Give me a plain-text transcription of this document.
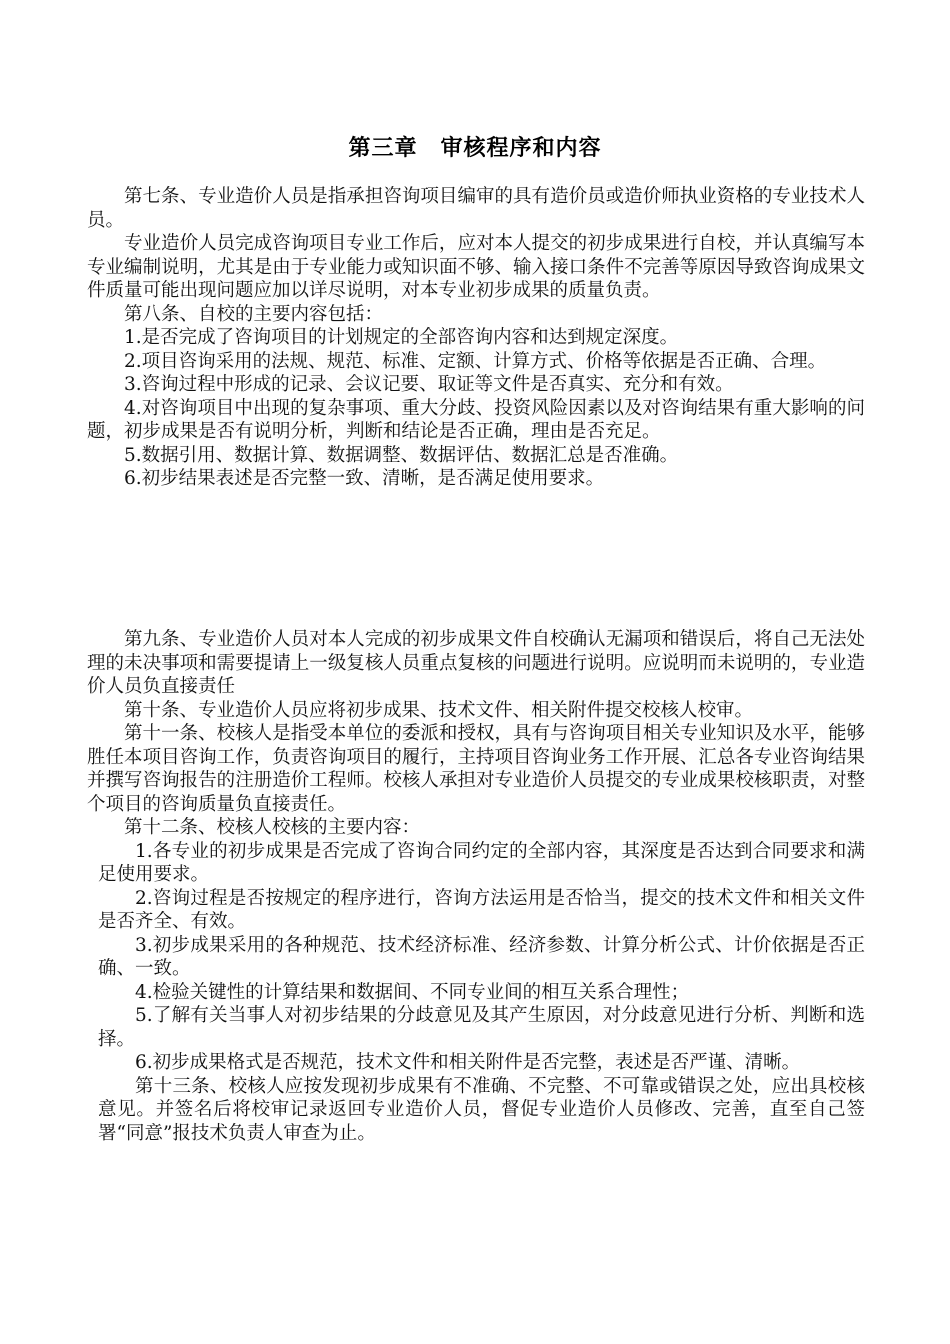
第三章　审核程序和内容

第七条、专业造价人员是指承担咨询项目编审的具有造价员或造价师执业资格的专业技术人员。

专业造价人员完成咨询项目专业工作后，应对本人提交的初步成果进行自校，并认真编写本专业编制说明，尤其是由于专业能力或知识面不够、输入接口条件不完善等原因导致咨询成果文件质量可能出现问题应加以详尽说明，对本专业初步成果的质量负责。

第八条、自校的主要内容包括：

1.是否完成了咨询项目的计划规定的全部咨询内容和达到规定深度。

2.项目咨询采用的法规、规范、标准、定额、计算方式、价格等依据是否正确、合理。

3.咨询过程中形成的记录、会议记要、取证等文件是否真实、充分和有效。

4.对咨询项目中出现的复杂事项、重大分歧、投资风险因素以及对咨询结果有重大影响的问题，初步成果是否有说明分析，判断和结论是否正确，理由是否充足。

5.数据引用、数据计算、数据调整、数据评估、数据汇总是否准确。

6.初步结果表述是否完整一致、清晰，是否满足使用要求。

第九条、专业造价人员对本人完成的初步成果文件自校确认无漏项和错误后，将自己无法处理的未决事项和需要提请上一级复核人员重点复核的问题进行说明。应说明而未说明的，专业造价人员负直接责任

第十条、专业造价人员应将初步成果、技术文件、相关附件提交校核人校审。

第十一条、校核人是指受本单位的委派和授权，具有与咨询项目相关专业知识及水平，能够胜任本项目咨询工作，负责咨询项目的履行，主持项目咨询业务工作开展、汇总各专业咨询结果并撰写咨询报告的注册造价工程师。校核人承担对专业造价人员提交的专业成果校核职责，对整个项目的咨询质量负直接责任。

第十二条、校核人校核的主要内容：

1.各专业的初步成果是否完成了咨询合同约定的全部内容，其深度是否达到合同要求和满足使用要求。

2.咨询过程是否按规定的程序进行，咨询方法运用是否恰当，提交的技术文件和相关文件是否齐全、有效。

3.初步成果采用的各种规范、技术经济标准、经济参数、计算分析公式、计价依据是否正确、一致。

4.检验关键性的计算结果和数据间、不同专业间的相互关系合理性；

5.了解有关当事人对初步结果的分歧意见及其产生原因，对分歧意见进行分析、判断和选择。

6.初步成果格式是否规范，技术文件和相关附件是否完整，表述是否严谨、清晰。

第十三条、校核人应按发现初步成果有不准确、不完整、不可靠或错误之处，应出具校核意见。并签名后将校审记录返回专业造价人员，督促专业造价人员修改、完善，直至自己签署“同意”报技术负责人审查为止。
